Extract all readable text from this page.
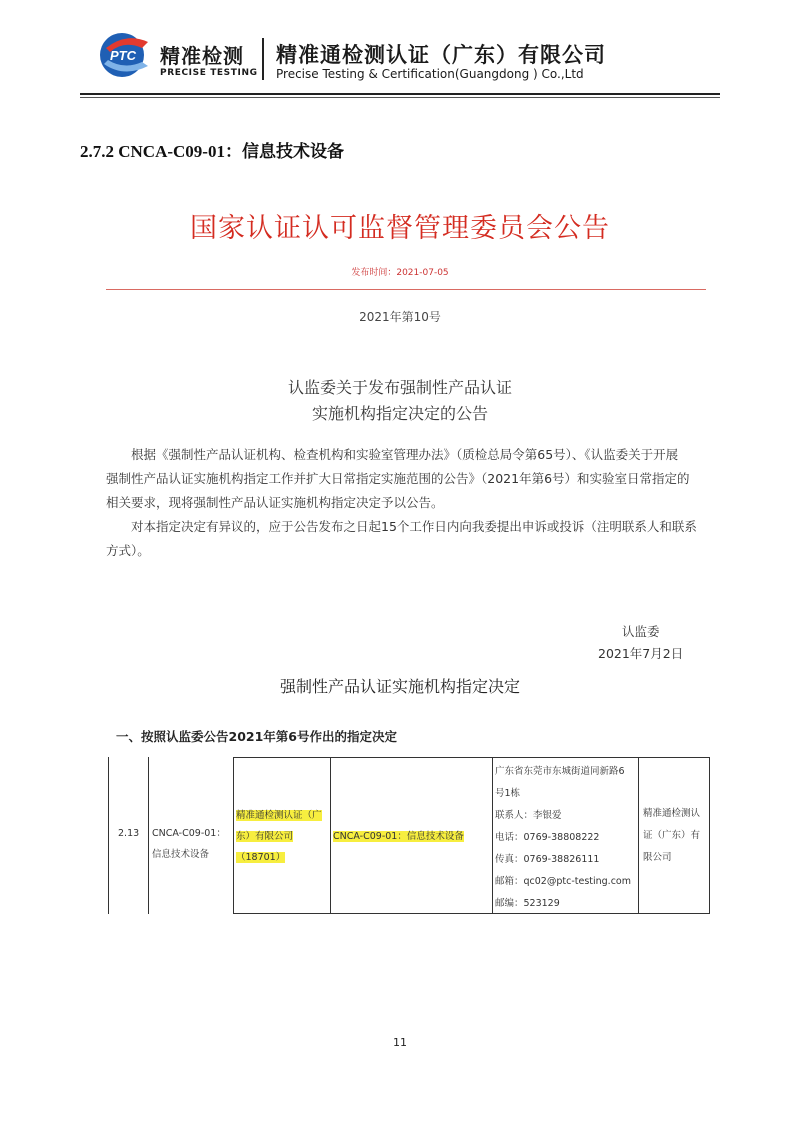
PTC 精准检测
PRECISE TESTING
精准通检测认证（广东）有限公司
Precise Testing & Certification(Guangdong ) Co.,Ltd
2.7.2 CNCA-C09-01：信息技术设备
国家认证认可监督管理委员会公告
发布时间：2021-07-05
2021年第10号
认监委关于发布强制性产品认证
实施机构指定决定的公告
根据《强制性产品认证机构、检查机构和实验室管理办法》（质检总局令第65号）、《认监委关于开展
强制性产品认证实施机构指定工作并扩大日常指定实施范围的公告》（2021年第6号）和实验室日常指定的
相关要求，现将强制性产品认证实施机构指定决定予以公告。
对本指定决定有异议的，应于公告发布之日起15个工作日内向我委提出申诉或投诉（注明联系人和联系
方式）。
认监委
2021年7月2日
强制性产品认证实施机构指定决定
一、按照认监委公告2021年第6号作出的指定决定
2.13 CNCA-C09-01：
信息技术设备
精准通检测认证（广
东）有限公司
（18701）
CNCA-C09-01：信息技术设备
广东省东莞市东城街道同新路6
号1栋
联系人：李银爱
电话：0769-38808222
传真：0769-38826111
邮箱：qc02@ptc-testing.com
邮编：523129
精准通检测认
证（广东）有
限公司
11
